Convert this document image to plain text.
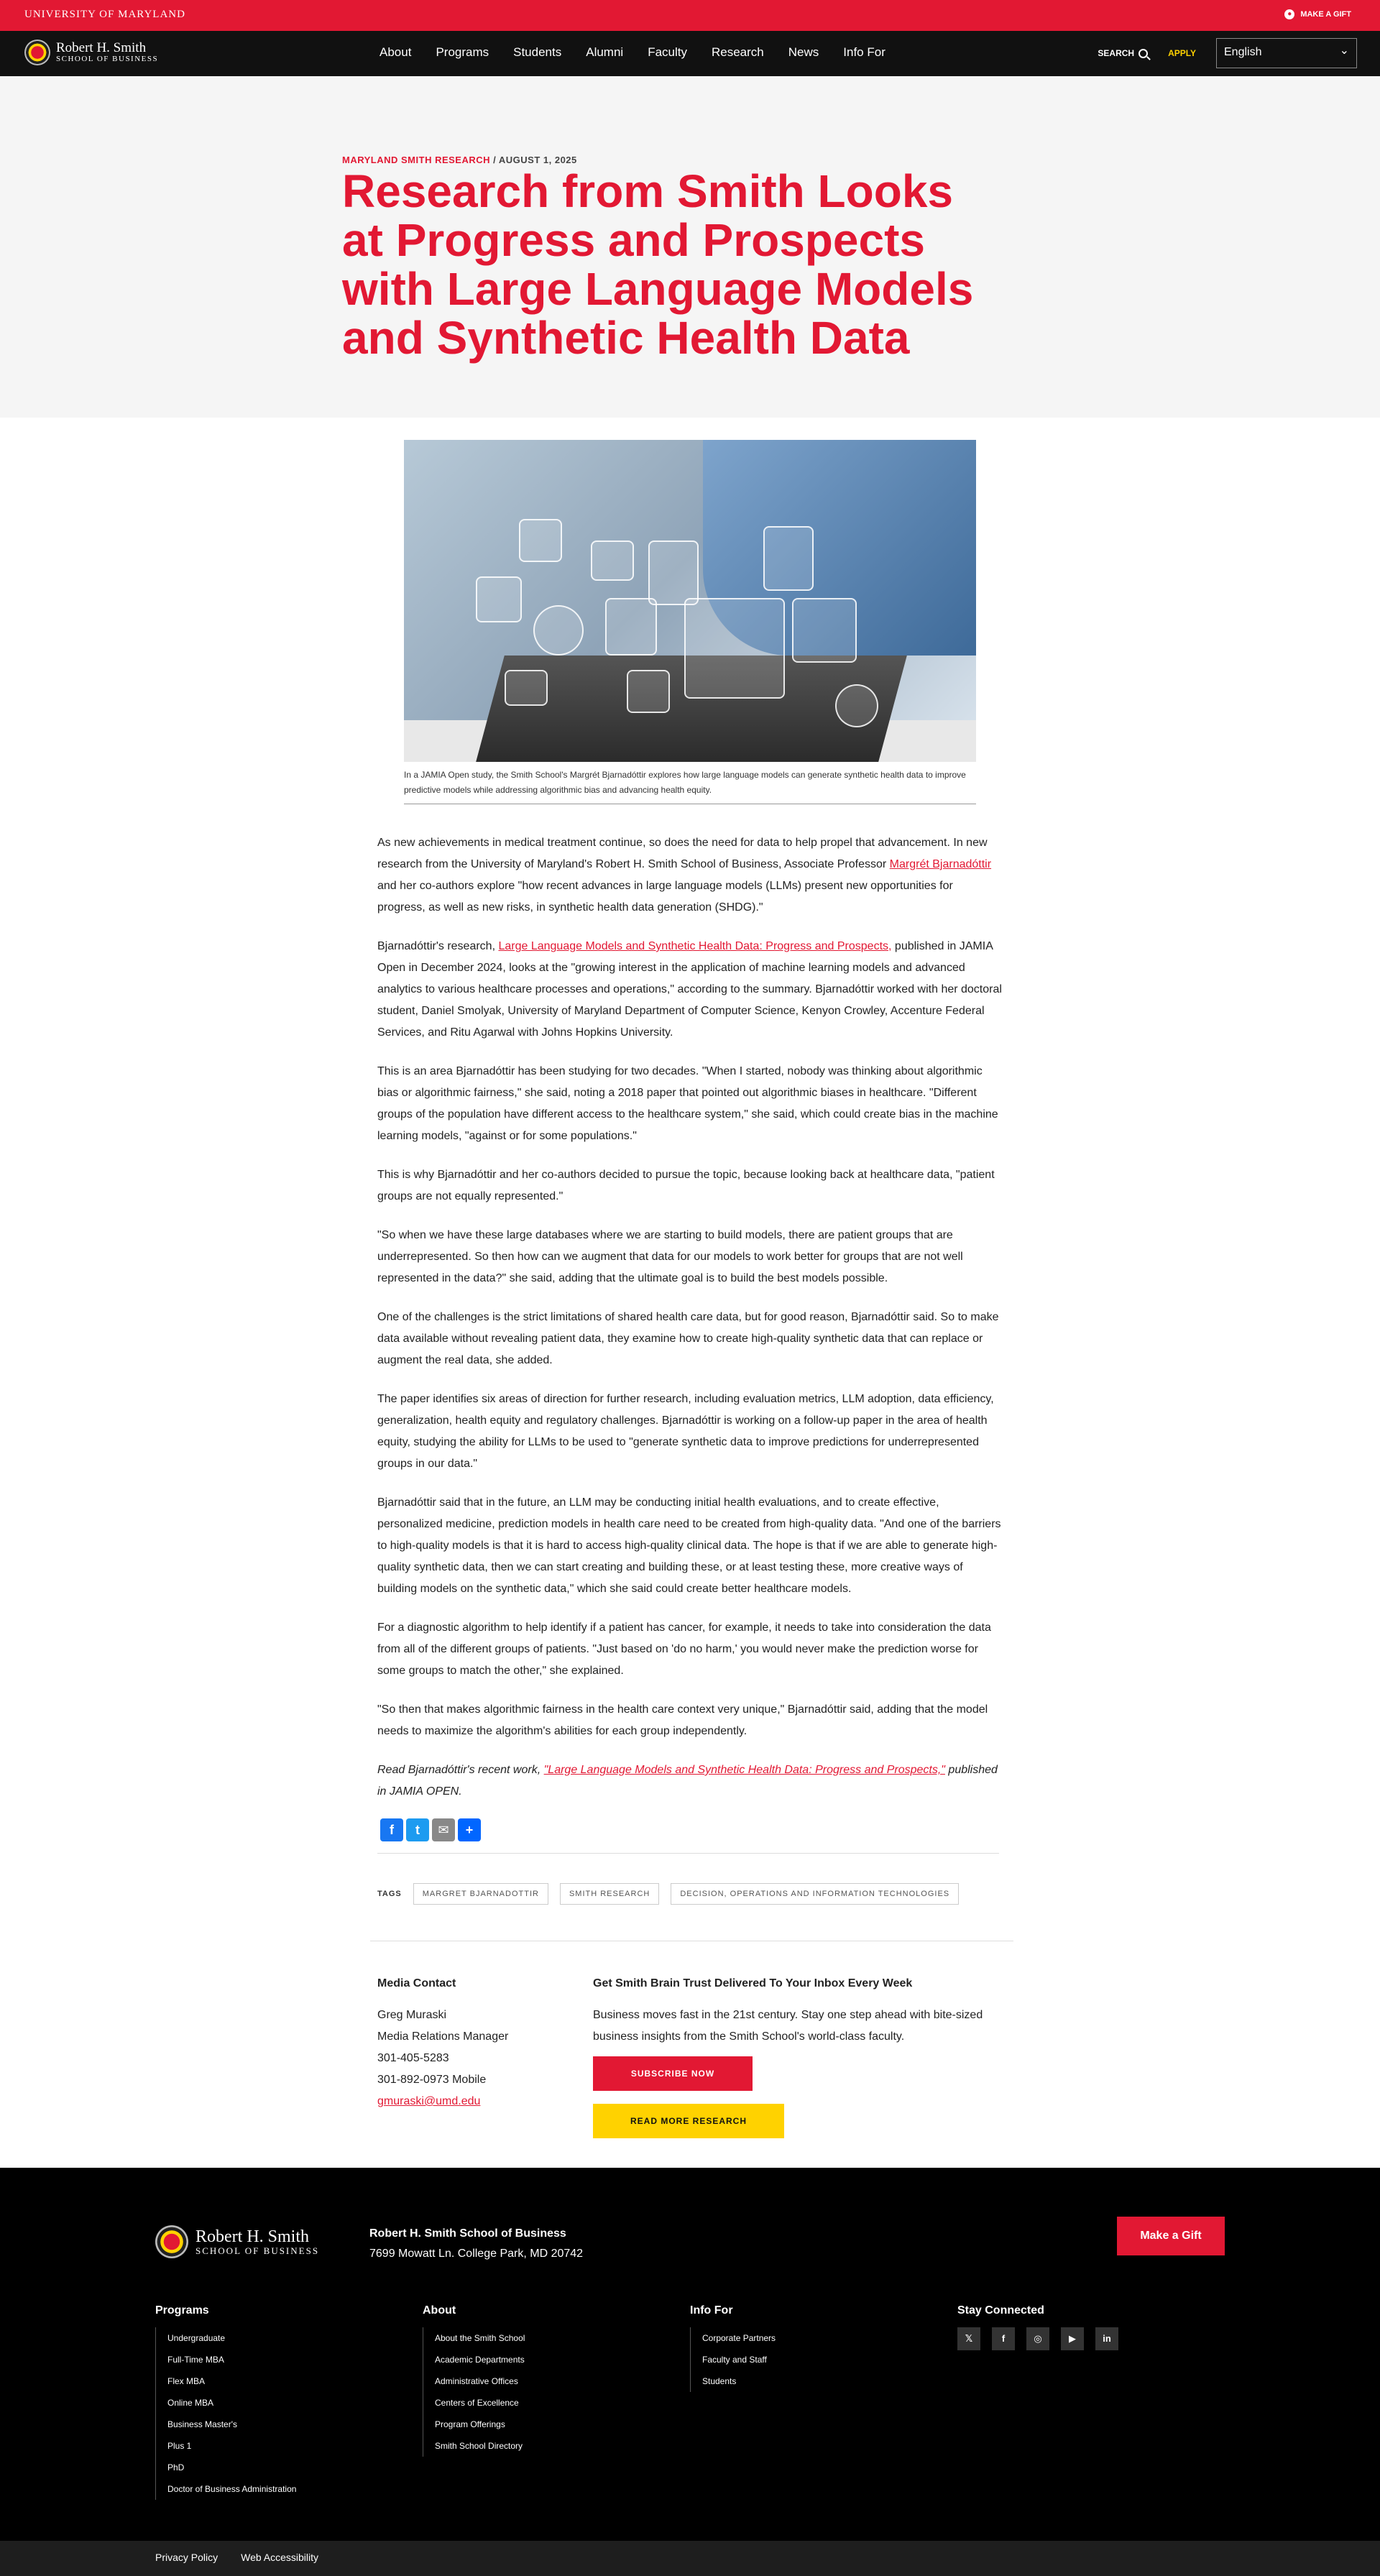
UNIVERSITY OF MARYLAND	●	MAKE A GIFT
Robert H. Smith
SCHOOL OF BUSINESS
About Programs Students Alumni Faculty Research News Info For	SEARCH	APPLY	English ⌄
MARYLAND SMITH RESEARCH / AUGUST 1, 2025
Research from Smith Looks at Progress and Prospects with Large Language Models and Synthetic Health Data
In a JAMIA Open study, the Smith School's Margrét Bjarnadóttir explores how large language models can generate synthetic health data to improve predictive models while addressing algorithmic bias and advancing health equity.

As new achievements in medical treatment continue, so does the need for data to help propel that advancement. In new research from the University of Maryland's Robert H. Smith School of Business, Associate Professor Margrét Bjarnadóttir and her co-authors explore "how recent advances in large language models (LLMs) present new opportunities for progress, as well as new risks, in synthetic health data generation (SHDG)."

Bjarnadóttir's research, Large Language Models and Synthetic Health Data: Progress and Prospects, published in JAMIA Open in December 2024, looks at the "growing interest in the application of machine learning models and advanced analytics to various healthcare processes and operations," according to the summary. Bjarnadóttir worked with her doctoral student, Daniel Smolyak, University of Maryland Department of Computer Science, Kenyon Crowley, Accenture Federal Services, and Ritu Agarwal with Johns Hopkins University.

This is an area Bjarnadóttir has been studying for two decades. "When I started, nobody was thinking about algorithmic bias or algorithmic fairness," she said, noting a 2018 paper that pointed out algorithmic biases in healthcare. "Different groups of the population have different access to the healthcare system," she said, which could create bias in the machine learning models, "against or for some populations."

This is why Bjarnadóttir and her co-authors decided to pursue the topic, because looking back at healthcare data, "patient groups are not equally represented."

"So when we have these large databases where we are starting to build models, there are patient groups that are underrepresented. So then how can we augment that data for our models to work better for groups that are not well represented in the data?" she said, adding that the ultimate goal is to build the best models possible.

One of the challenges is the strict limitations of shared health care data, but for good reason, Bjarnadóttir said. So to make data available without revealing patient data, they examine how to create high-quality synthetic data that can replace or augment the real data, she added.

The paper identifies six areas of direction for further research, including evaluation metrics, LLM adoption, data efficiency, generalization, health equity and regulatory challenges. Bjarnadóttir is working on a follow-up paper in the area of health equity, studying the ability for LLMs to be used to "generate synthetic data to improve predictions for underrepresented groups in our data."

Bjarnadóttir said that in the future, an LLM may be conducting initial health evaluations, and to create effective, personalized medicine, prediction models in health care need to be created from high-quality data. "And one of the barriers to high-quality models is that it is hard to access high-quality clinical data. The hope is that if we are able to generate high-quality synthetic data, then we can start creating and building these, or at least testing these, more creative ways of building models on the synthetic data," which she said could create better healthcare models.

For a diagnostic algorithm to help identify if a patient has cancer, for example, it needs to take into consideration the data from all of the different groups of patients. "Just based on 'do no harm,' you would never make the prediction worse for some groups to match the other," she explained.

"So then that makes algorithmic fairness in the health care context very unique," Bjarnadóttir said, adding that the model needs to maximize the algorithm's abilities for each group independently.

Read Bjarnadóttir's recent work, "Large Language Models and Synthetic Health Data: Progress and Prospects," published in JAMIA OPEN.

f	t	✉	+
TAGS	MARGRET BJARNADOTTIR	SMITH RESEARCH	DECISION, OPERATIONS AND INFORMATION TECHNOLOGIES
Media Contact
Greg Muraski
Media Relations Manager
301-405-5283
301-892-0973 Mobile
gmuraski@umd.edu
Get Smith Brain Trust Delivered To Your Inbox Every Week

Business moves fast in the 21st century. Stay one step ahead with bite-sized business insights from the Smith School's world-class faculty.

SUBSCRIBE NOW
READ MORE RESEARCH
Robert H. Smith
SCHOOL OF BUSINESS
Robert H. Smith School of Business
7699 Mowatt Ln. College Park, MD 20742
Make a Gift
Programs
Undergraduate
Full-Time MBA
Flex MBA
Online MBA
Business Master's
Plus 1
PhD
Doctor of Business Administration
About
About the Smith School
Academic Departments
Administrative Offices
Centers of Excellence
Program Offerings
Smith School Directory
Info For
Corporate Partners
Faculty and Staff
Students
Stay Connected
𝕏	f	◎	▶	in
Privacy Policy Web Accessibility
